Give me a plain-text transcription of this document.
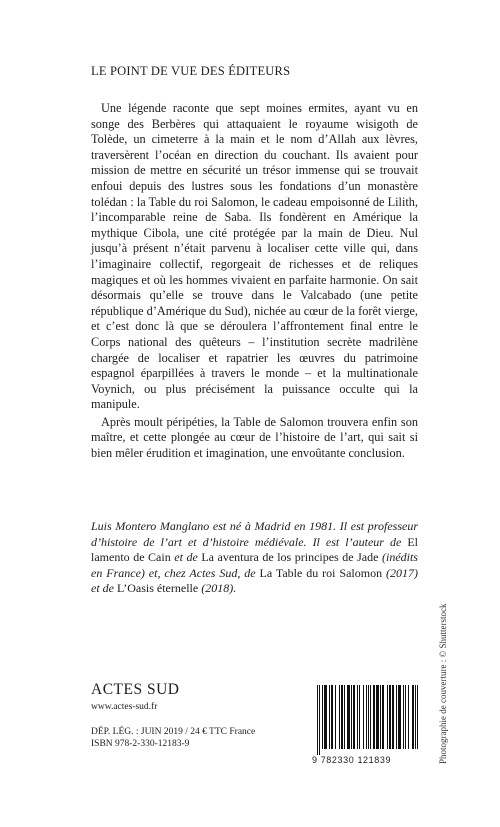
LE POINT DE VUE DES ÉDITEURS

Une légende raconte que sept moines ermites, ayant vu en songe des Berbères qui attaquaient le royaume wisigoth de Tolède, un cimeterre à la main et le nom d’Allah aux lèvres, traversèrent l’océan en direction du couchant. Ils avaient pour mission de mettre en sécurité un trésor immense qui se trouvait enfoui depuis des lustres sous les fondations d’un monastère tolédan : la Table du roi Salomon, le cadeau empoisonné de Lilith, l’incomparable reine de Saba. Ils fondèrent en Amérique la mythique Cibola, une cité protégée par la main de Dieu. Nul jusqu’à présent n’était parvenu à localiser cette ville qui, dans l’imaginaire collectif, regorgeait de richesses et de reliques magiques et où les hommes vivaient en parfaite harmonie. On sait désormais qu’elle se trouve dans le Valcabado (une petite république d’Amérique du Sud), nichée au cœur de la forêt vierge, et c’est donc là que se déroulera l’affrontement final entre le Corps national des quêteurs – l’institution secrète madrilène chargée de localiser et rapatrier les œuvres du patrimoine espagnol éparpillées à travers le monde – et la multinationale Voynich, ou plus précisément la puissance occulte qui la manipule.

Après moult péripéties, la Table de Salomon trouvera enfin son maître, et cette plongée au cœur de l’histoire de l’art, qui sait si bien mêler érudition et imagination, une envoûtante conclusion.

Luis Montero Manglano est né à Madrid en 1981. Il est professeur d’histoire de l’art et d’histoire médiévale. Il est l’auteur de El lamento de Cain et de La aventura de los principes de Jade (inédits en France) et, chez Actes Sud, de La Table du roi Salomon (2017) et de L’Oasis éternelle (2018).
ACTES SUD
www.actes-sud.fr
DÉP. LÉG. : JUIN 2019 / 24 € TTC France
ISBN 978-2-330-12183-9
9 782330 121839	Photographie de couverture : © Shutterstock
